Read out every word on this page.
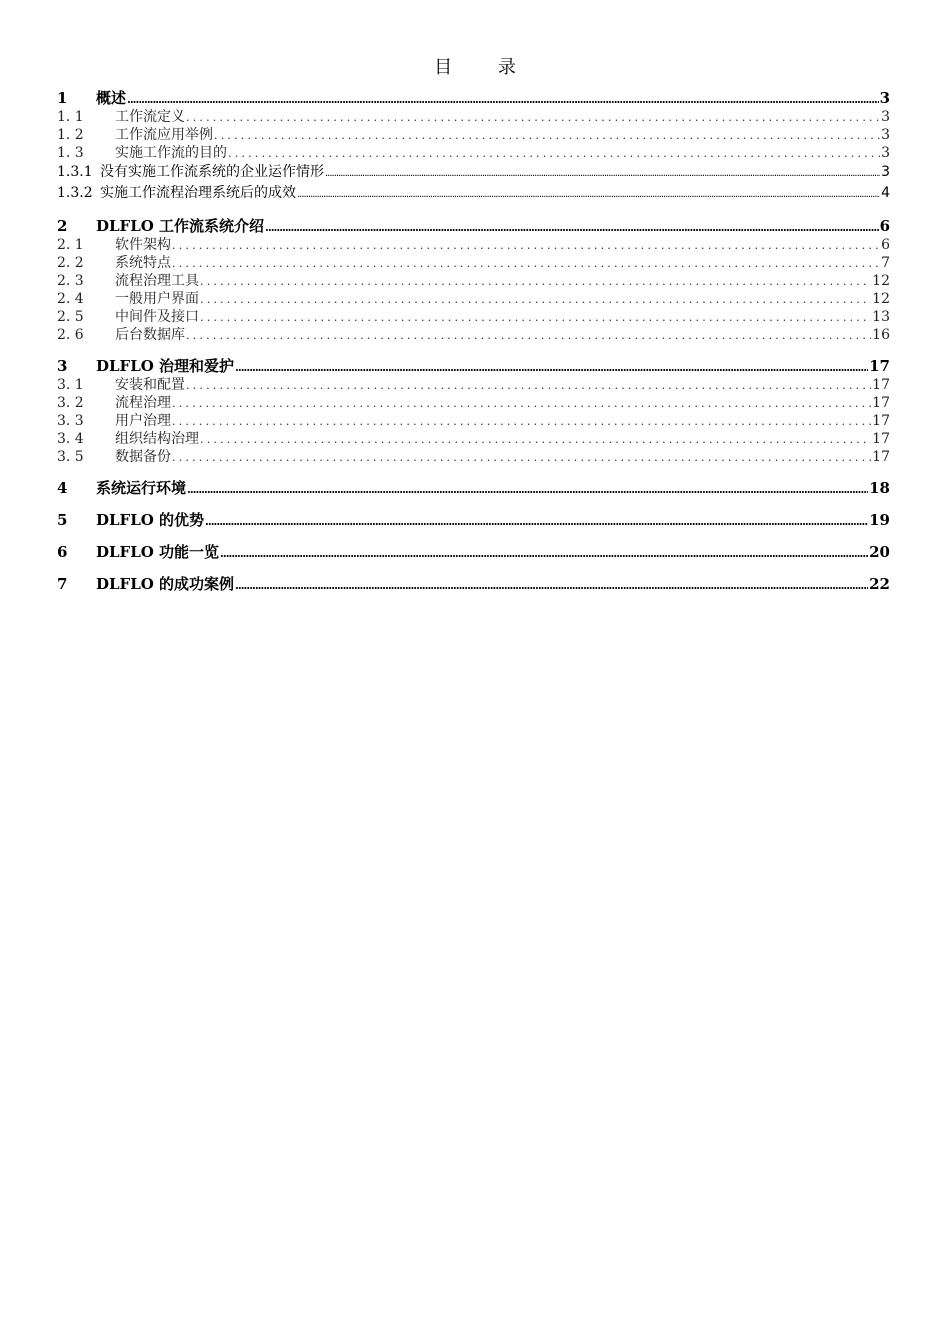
目 录
1	概述 .....	3
1. 1	工作流定义 .....	3
1. 2	工作流应用举例 .....	3
1. 3	实施工作流的目的 .....	3
1.3.1 没有实施工作流系统的企业运作情形 .....	3
1.3.2 实施工作流程治理系统后的成效 .....	4
2	DLFLO 工作流系统介绍 .....	6
2. 1	软件架构 .....	6
2. 2	系统特点 .....	7
2. 3	流程治理工具 .....	12
2. 4	一般用户界面 .....	12
2. 5	中间件及接口 .....	13
2. 6	后台数据库 .....	16
3	DLFLO 治理和爱护 .....	17
3. 1	安装和配置 .....	17
3. 2	流程治理 .....	17
3. 3	用户治理 .....	17
3. 4	组织结构治理 .....	17
3. 5	数据备份 .....	17
4	系统运行环境 .....	18
5	DLFLO 的优势 .....	19
6	DLFLO 功能一览 .....	20
7	DLFLO 的成功案例 .....	22
